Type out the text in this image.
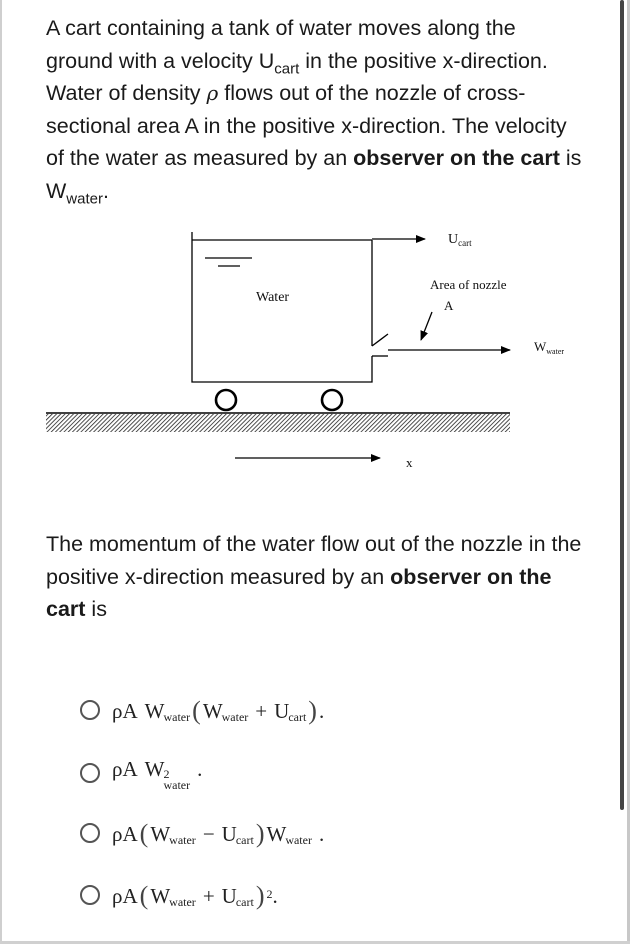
A cart containing a tank of water moves along the ground with a velocity $U_{cart}$ in the positive x-direction. Water of density ρ flows out of the nozzle of cross-sectional area A in the positive x-direction. The velocity of the water as measured by an observer on the cart is $W_{water}$.
Water
$U_{cart}$
Area of nozzle
A
$W_{water}$
x
The momentum of the water flow out of the nozzle in the positive x-direction measured by an observer on the cart is
ρ A $W_{water}$ ( $W_{water} + U_{cart}$ ) .
ρ A W 2
water
.
ρ A ( $W_{water} - U_{cart}$ ) $W_{water}$ .
ρ A ( $W_{water} + U_{cart}$ )$^2$ .
